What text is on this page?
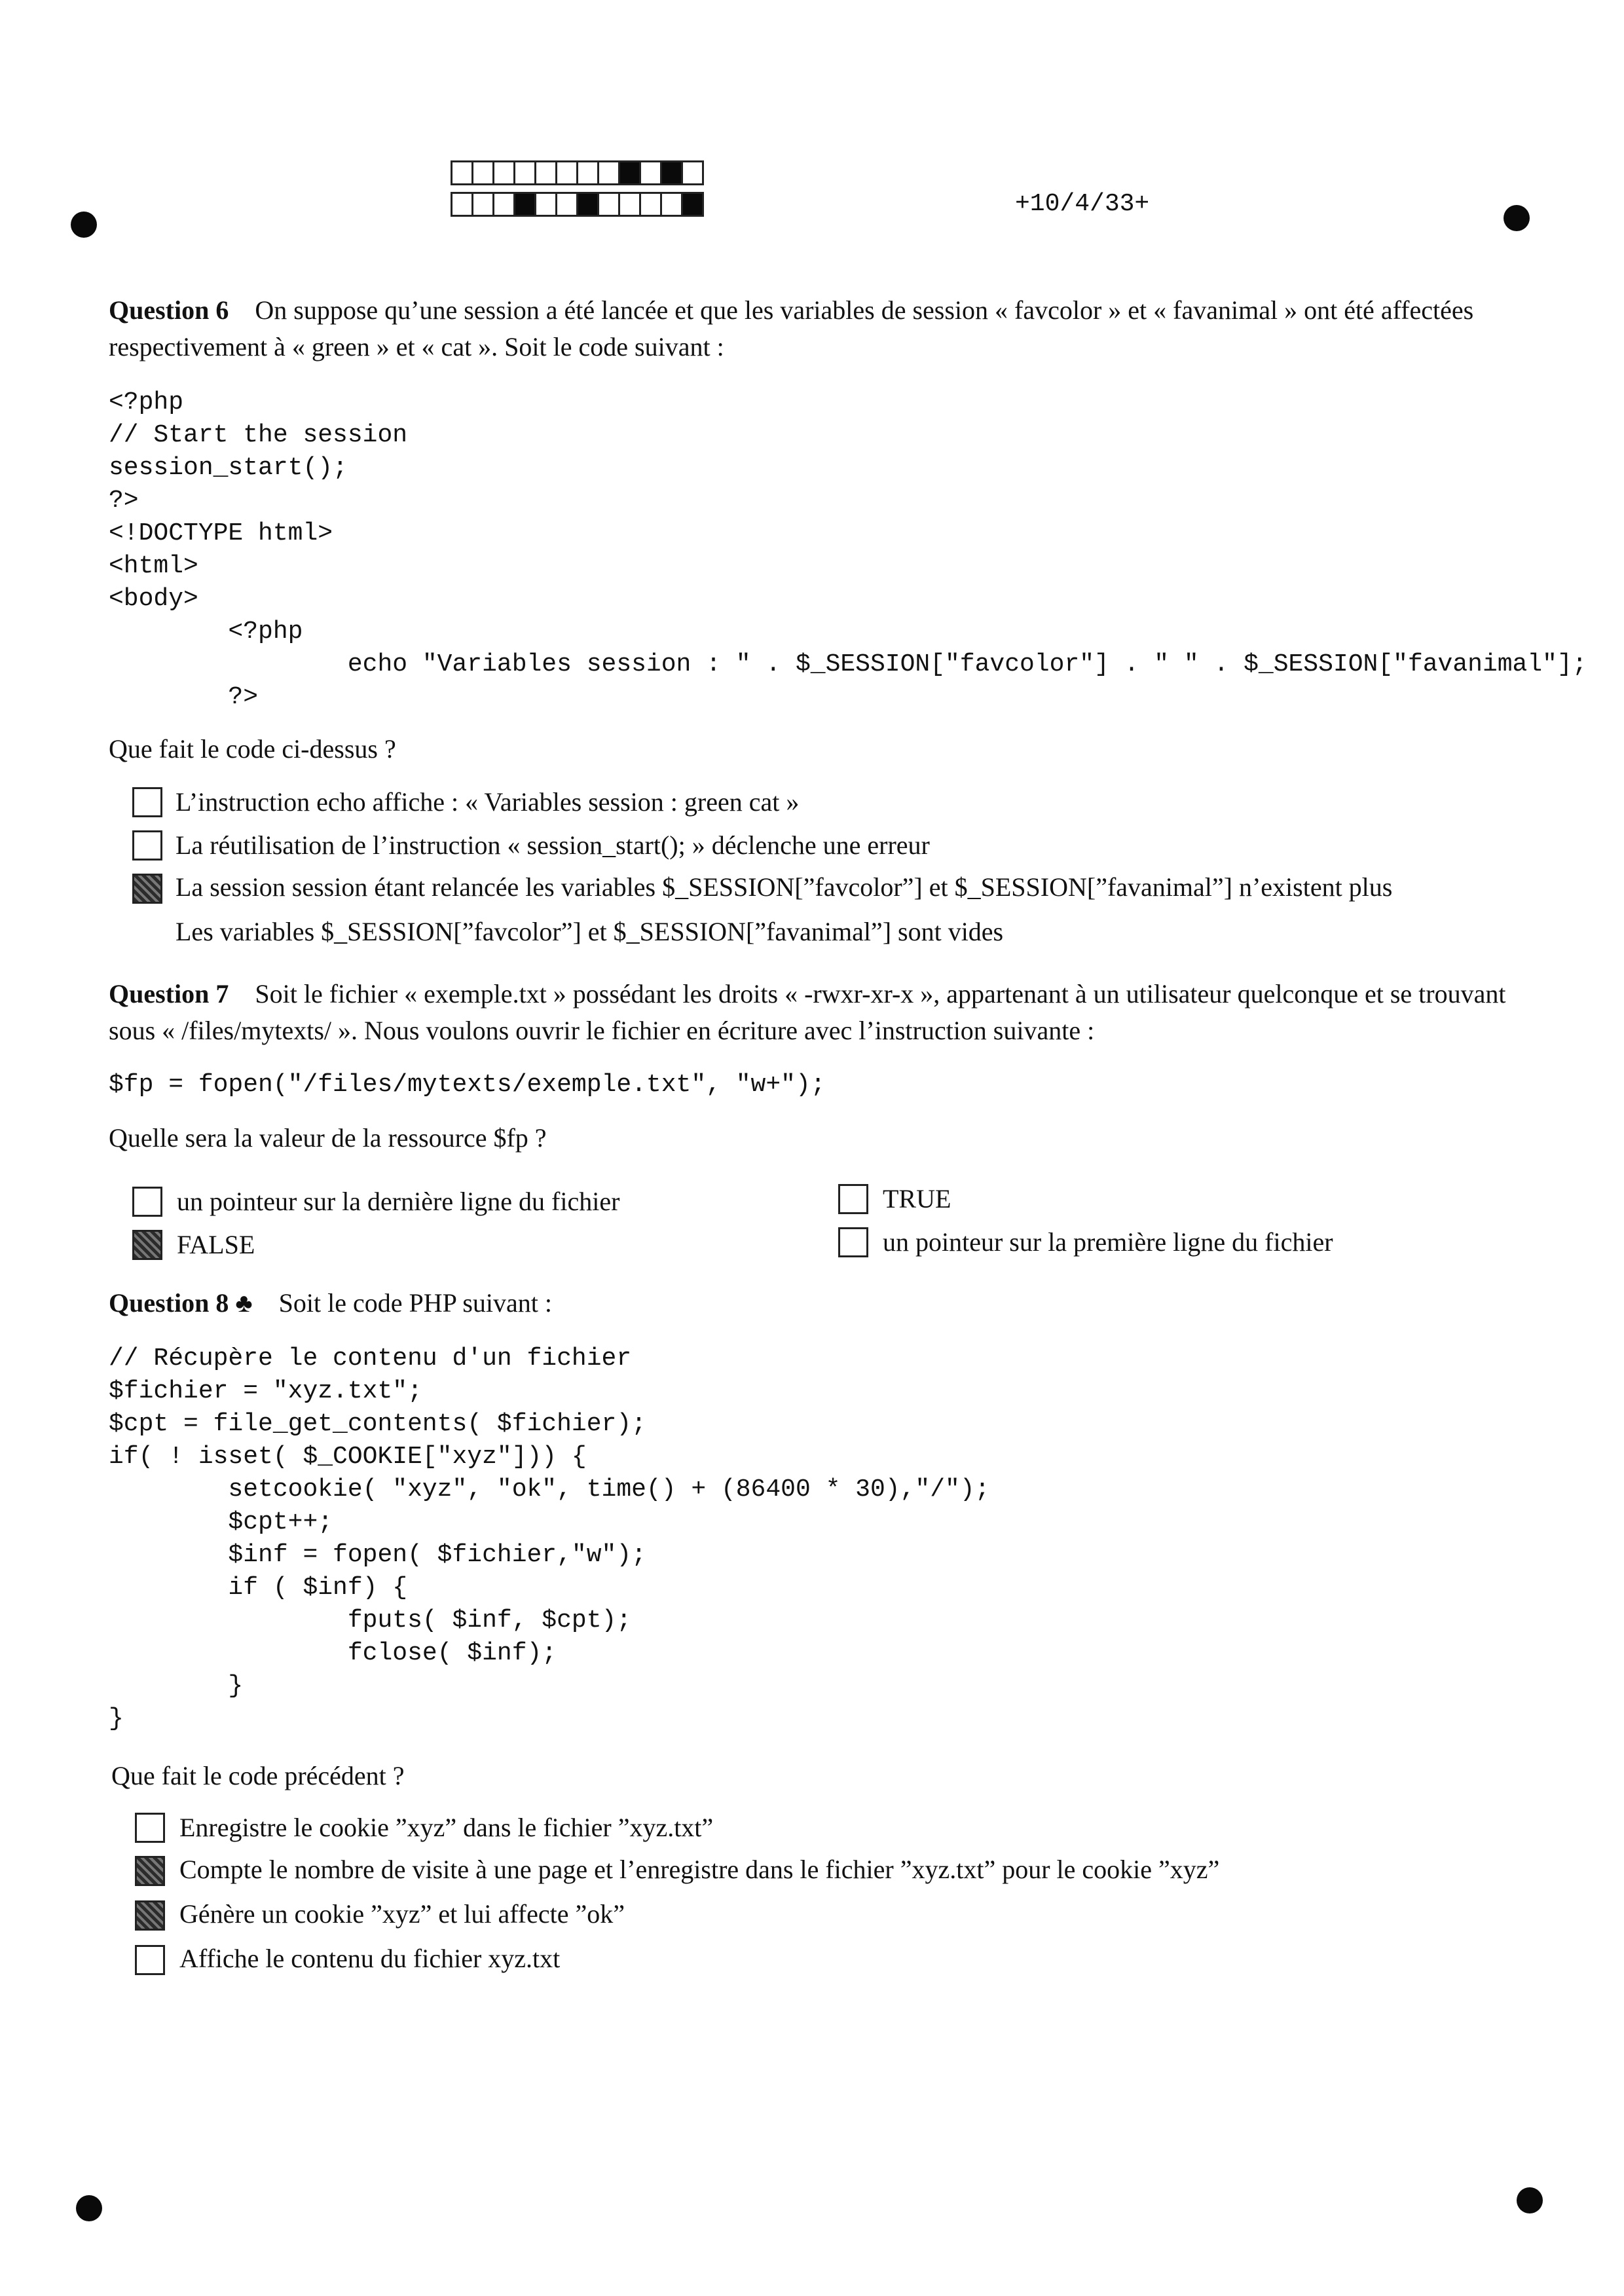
+10/4/33+
Question 6 On suppose qu’une session a été lancée et que les variables de session « favcolor » et « favanimal » ont été affectées respectivement à « green » et « cat ». Soit le code suivant :
<?php
// Start the session
session_start();
?>
<!DOCTYPE html>
<html>
<body>
<?php
echo "Variables session : " . $_SESSION["favcolor"] . " " . $_SESSION["favanimal"];
?>
Que fait le code ci-dessus ?
L’instruction echo affiche : « Variables session : green cat »
La réutilisation de l’instruction « session_start(); » déclenche une erreur
La session session étant relancée les variables $_SESSION[”favcolor”] et $_SESSION[”favanimal”] n’existent plus
Les variables $_SESSION[”favcolor”] et $_SESSION[”favanimal”] sont vides
Question 7 Soit le fichier « exemple.txt » possédant les droits « -rwxr-xr-x », appartenant à un utilisateur quelconque et se trouvant sous « /files/mytexts/ ». Nous voulons ouvrir le fichier en écriture avec l’instruction suivante :
$fp = fopen("/files/mytexts/exemple.txt", "w+");
Quelle sera la valeur de la ressource $fp ?
un pointeur sur la dernière ligne du fichier
FALSE
TRUE
un pointeur sur la première ligne du fichier
Question 8 ♣ Soit le code PHP suivant :
// Récupère le contenu d'un fichier
$fichier = "xyz.txt";
$cpt = file_get_contents( $fichier);
if( ! isset( $_COOKIE["xyz"])) {
setcookie( "xyz", "ok", time() + (86400 * 30),"/");
$cpt++;
$inf = fopen( $fichier,"w");
if ( $inf) {
fputs( $inf, $cpt);
fclose( $inf);
}
}
Que fait le code précédent ?
Enregistre le cookie ”xyz” dans le fichier ”xyz.txt”
Compte le nombre de visite à une page et l’enregistre dans le fichier ”xyz.txt” pour le cookie ”xyz”
Génère un cookie ”xyz” et lui affecte ”ok”
Affiche le contenu du fichier xyz.txt
